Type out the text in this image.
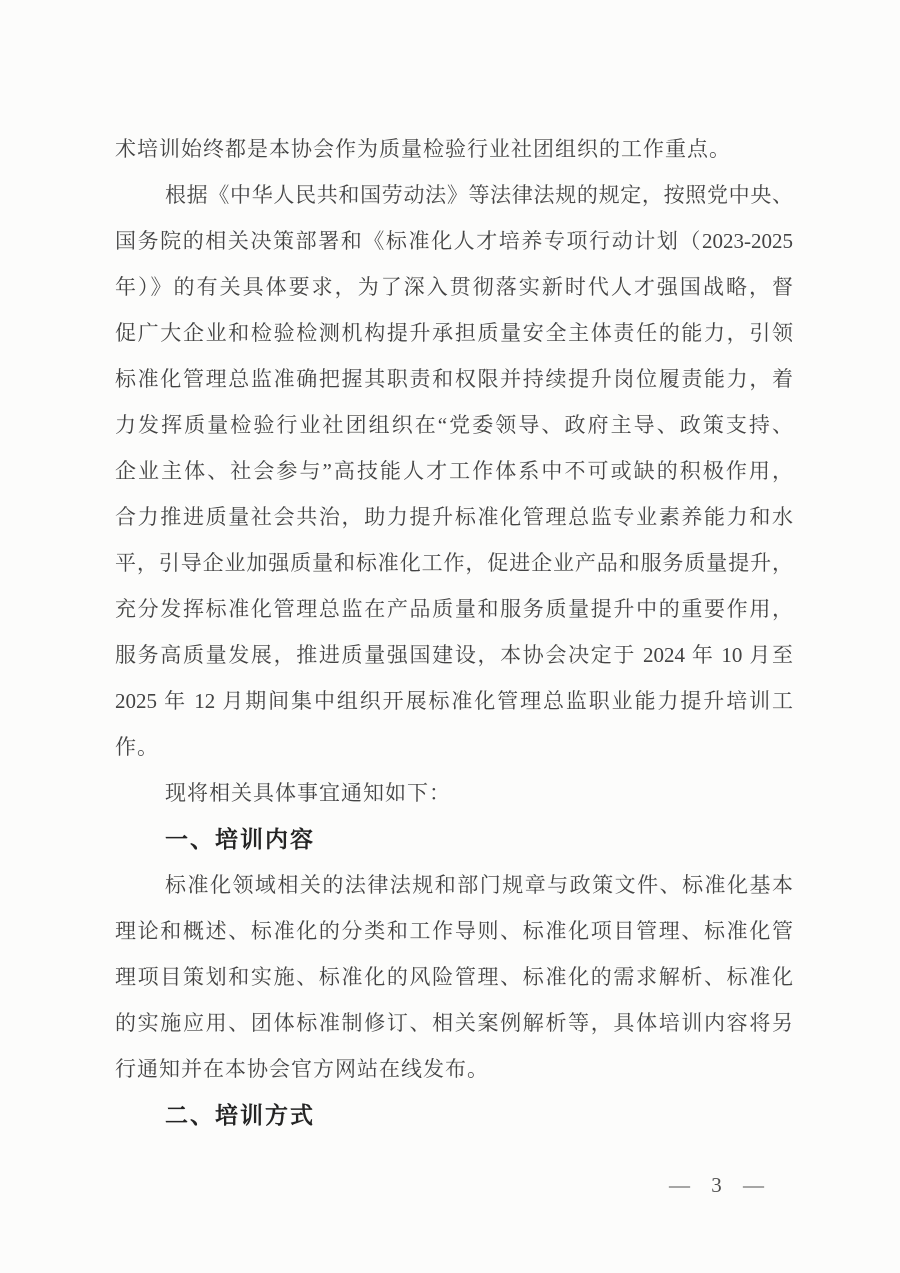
术培训始终都是本协会作为质量检验行业社团组织的工作重点。
根据《中华人民共和国劳动法》等法律法规的规定，按照党中央、
国务院的相关决策部署和《标准化人才培养专项行动计划（2023-2025
年）》的有关具体要求，为了深入贯彻落实新时代人才强国战略，督
促广大企业和检验检测机构提升承担质量安全主体责任的能力，引领
标准化管理总监准确把握其职责和权限并持续提升岗位履责能力，着
力发挥质量检验行业社团组织在“党委领导、政府主导、政策支持、
企业主体、社会参与”高技能人才工作体系中不可或缺的积极作用，
合力推进质量社会共治，助力提升标准化管理总监专业素养能力和水
平，引导企业加强质量和标准化工作，促进企业产品和服务质量提升，
充分发挥标准化管理总监在产品质量和服务质量提升中的重要作用，
服务高质量发展，推进质量强国建设，本协会决定于 2024 年 10 月至
2025 年 12 月期间集中组织开展标准化管理总监职业能力提升培训工
作。
现将相关具体事宜通知如下：
一、培训内容
标准化领域相关的法律法规和部门规章与政策文件、标准化基本
理论和概述、标准化的分类和工作导则、标准化项目管理、标准化管
理项目策划和实施、标准化的风险管理、标准化的需求解析、标准化
的实施应用、团体标准制修订、相关案例解析等，具体培训内容将另
行通知并在本协会官方网站在线发布。
二、培训方式
— 3 —
